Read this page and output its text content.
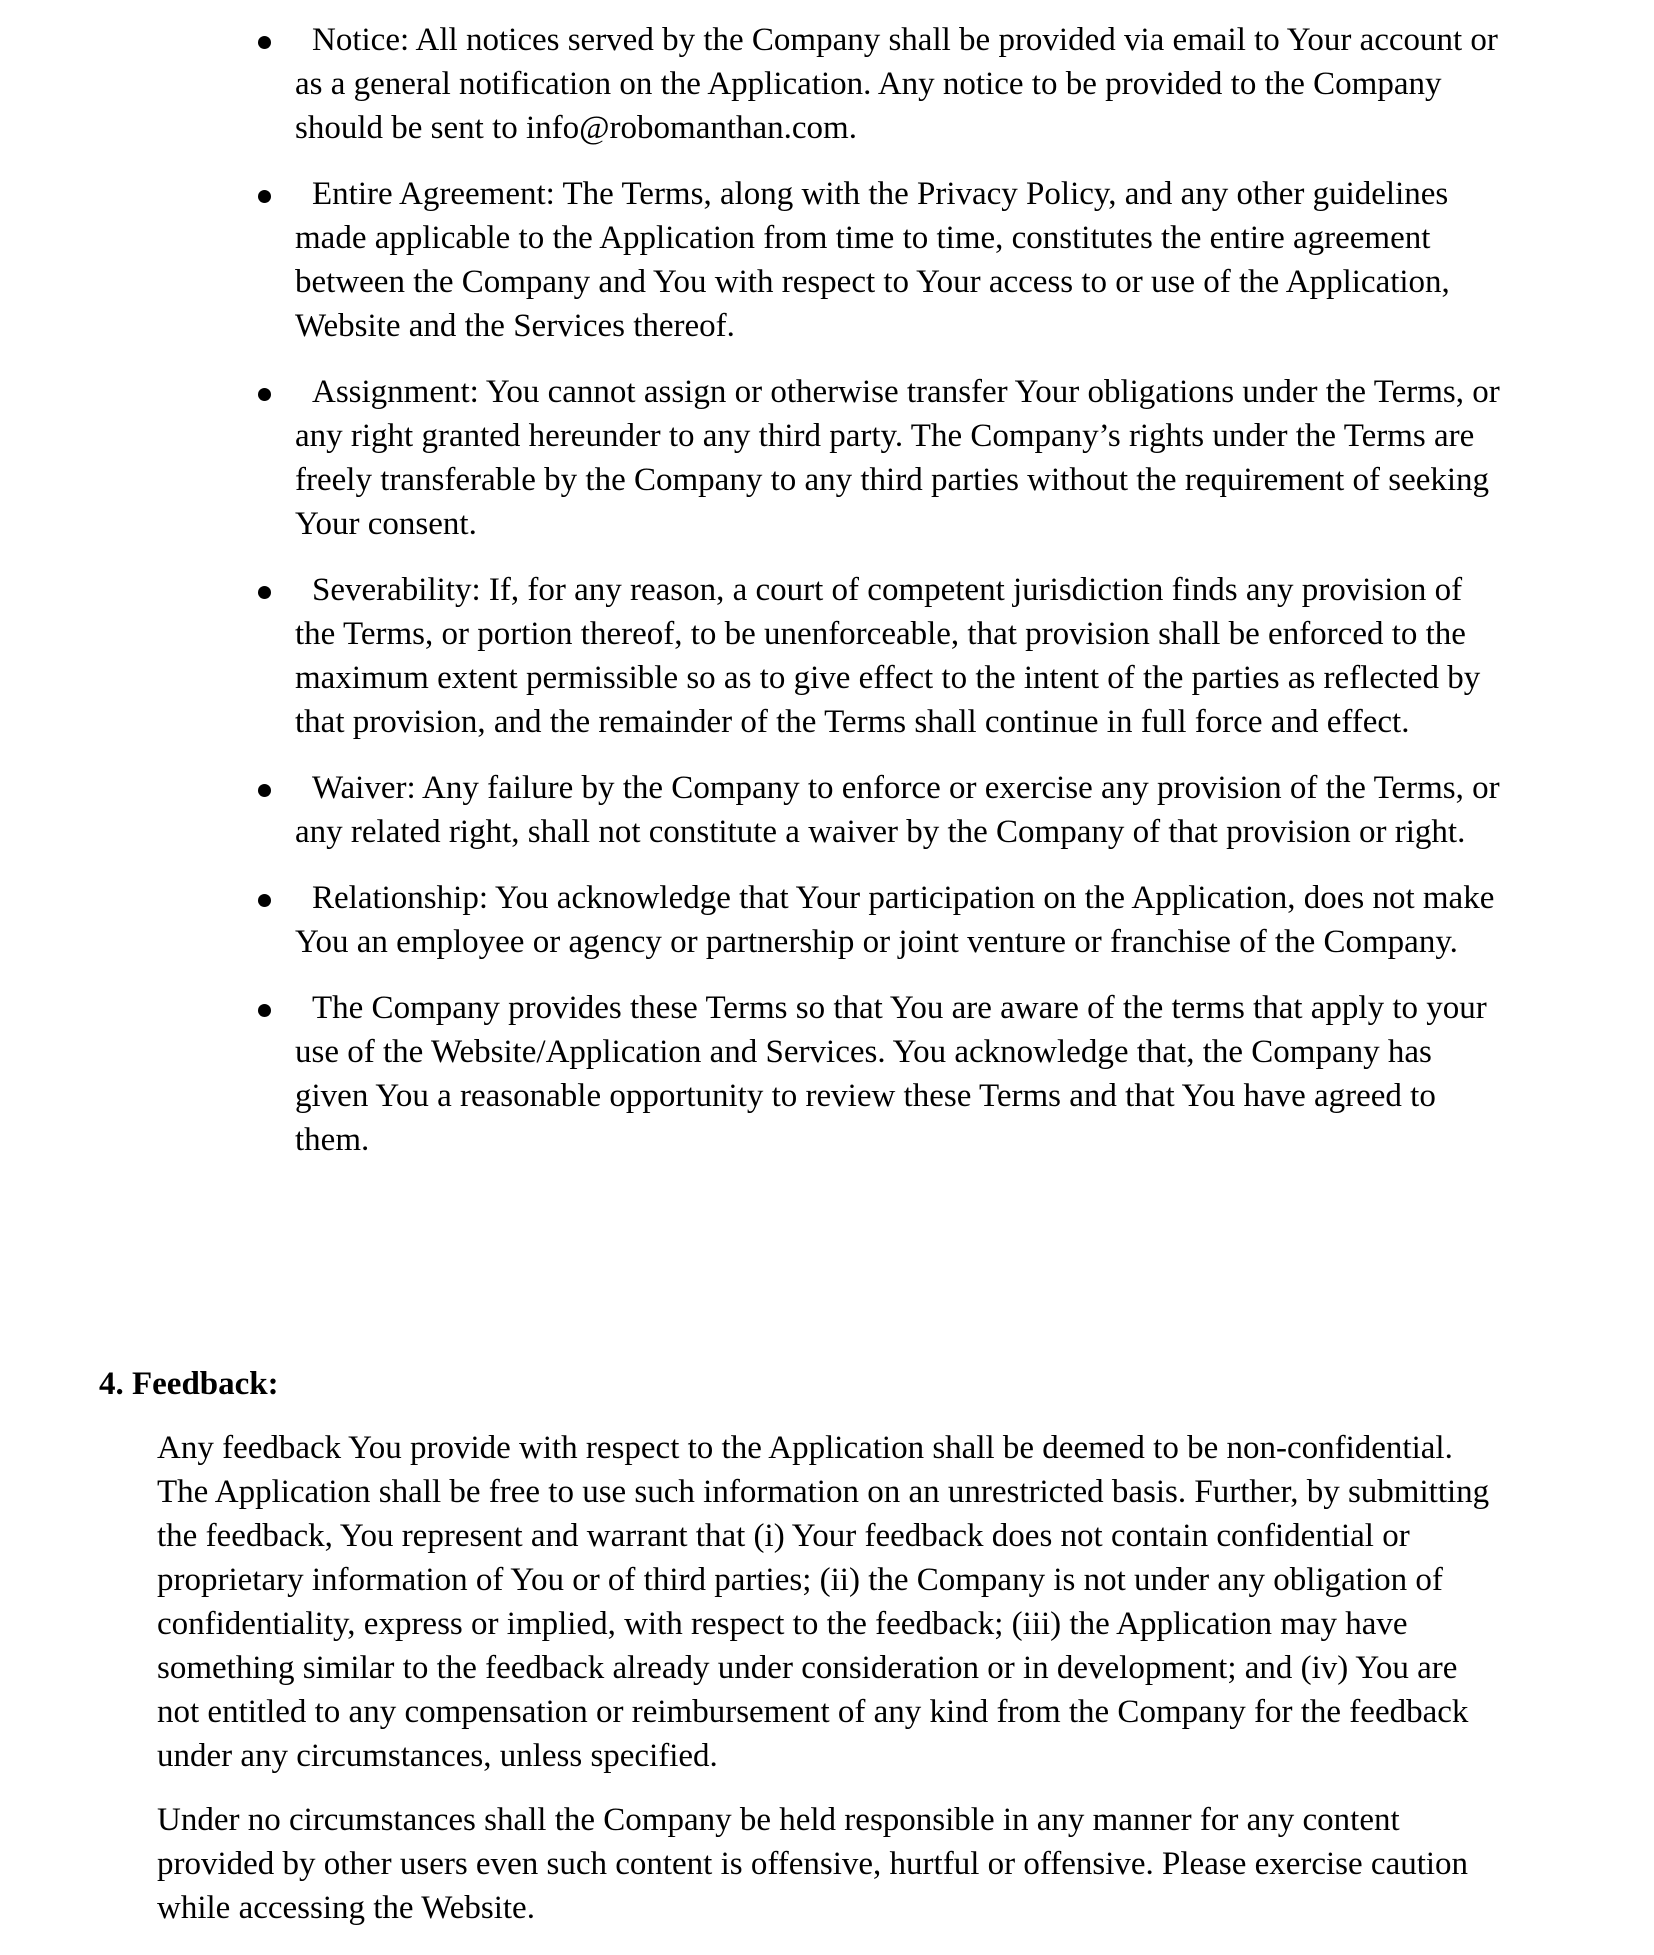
Notice: All notices served by the Company shall be provided via email to Your account or as a general notification on the Application. Any notice to be provided to the Company should be sent to info@robomanthan.com.
Entire Agreement: The Terms, along with the Privacy Policy, and any other guidelines made applicable to the Application from time to time, constitutes the entire agreement between the Company and You with respect to Your access to or use of the Application, Website and the Services thereof.
Assignment: You cannot assign or otherwise transfer Your obligations under the Terms, or any right granted hereunder to any third party. The Company’s rights under the Terms are freely transferable by the Company to any third parties without the requirement of seeking Your consent.
Severability: If, for any reason, a court of competent jurisdiction finds any provision of the Terms, or portion thereof, to be unenforceable, that provision shall be enforced to the maximum extent permissible so as to give effect to the intent of the parties as reflected by that provision, and the remainder of the Terms shall continue in full force and effect.
Waiver: Any failure by the Company to enforce or exercise any provision of the Terms, or any related right, shall not constitute a waiver by the Company of that provision or right.
Relationship: You acknowledge that Your participation on the Application, does not make You an employee or agency or partnership or joint venture or franchise of the Company.
The Company provides these Terms so that You are aware of the terms that apply to your use of the Website/Application and Services. You acknowledge that, the Company has given You a reasonable opportunity to review these Terms and that You have agreed to them.
4. Feedback:

Any feedback You provide with respect to the Application shall be deemed to be non-confidential. The Application shall be free to use such information on an unrestricted basis. Further, by submitting the feedback, You represent and warrant that (i) Your feedback does not contain confidential or proprietary information of You or of third parties; (ii) the Company is not under any obligation of confidentiality, express or implied, with respect to the feedback; (iii) the Application may have something similar to the feedback already under consideration or in development; and (iv) You are not entitled to any compensation or reimbursement of any kind from the Company for the feedback under any circumstances, unless specified.

Under no circumstances shall the Company be held responsible in any manner for any content provided by other users even such content is offensive, hurtful or offensive. Please exercise caution while accessing the Website.
